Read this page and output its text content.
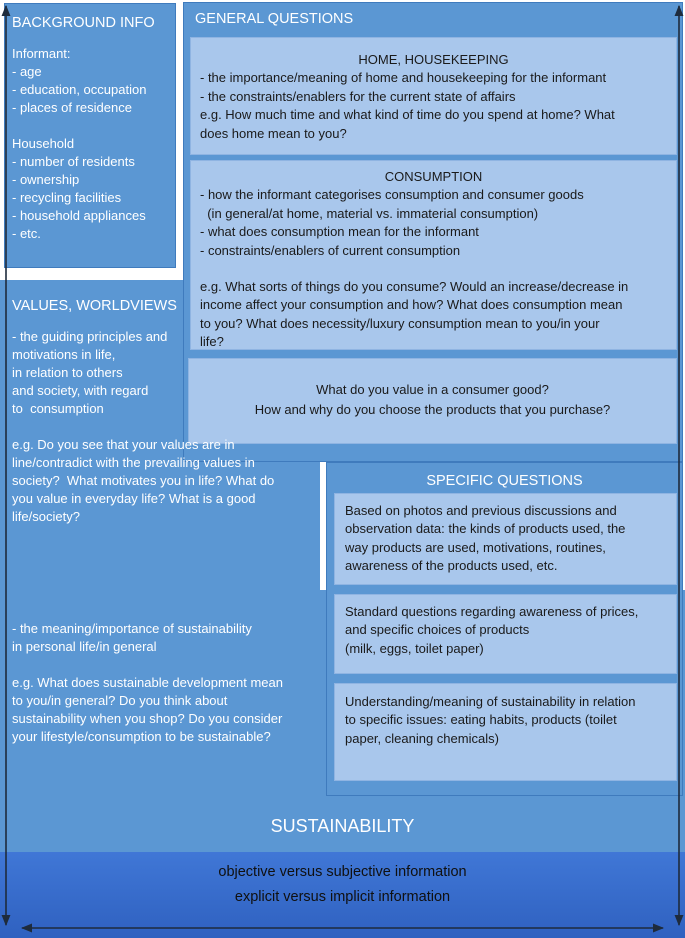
BACKGROUND INFO
Informant:
- age
- education, occupation
- places of residence
Household
- number of residents
- ownership
- recycling facilities
- household appliances
- etc.
GENERAL QUESTIONS
HOME, HOUSEKEEPING
- the importance/meaning of home and housekeeping for the informant
- the constraints/enablers for the current state of affairs
e.g. How much time and what kind of time do you spend at home? What
does home mean to you?
CONSUMPTION
- how the informant categorises consumption and consumer goods
(in general/at home, material vs. immaterial consumption)
- what does consumption mean for the informant
- constraints/enablers of current consumption
e.g. What sorts of things do you consume? Would an increase/decrease in
income affect your consumption and how? What does consumption mean
to you? What does necessity/luxury consumption mean to you/in your
life?
What do you value in a consumer good?
How and why do you choose the products that you purchase?
VALUES, WORLDVIEWS
- the guiding principles and
motivations in life,
in relation to others
and society, with regard
to  consumption
e.g. Do you see that your values are in
line/contradict with the prevailing values in
society?  What motivates you in life? What do
you value in everyday life? What is a good
life/society?
SPECIFIC QUESTIONS
Based on photos and previous discussions and
observation data: the kinds of products used, the
way products are used, motivations, routines,
awareness of the products used, etc.
Standard questions regarding awareness of prices,
and specific choices of products
(milk, eggs, toilet paper)
Understanding/meaning of sustainability in relation
to specific issues: eating habits, products (toilet
paper, cleaning chemicals)
- the meaning/importance of sustainability
in personal life/in general
e.g. What does sustainable development mean
to you/in general? Do you think about
sustainability when you shop? Do you consider
your lifestyle/consumption to be sustainable?
SUSTAINABILITY
objective versus subjective information
explicit versus implicit information
